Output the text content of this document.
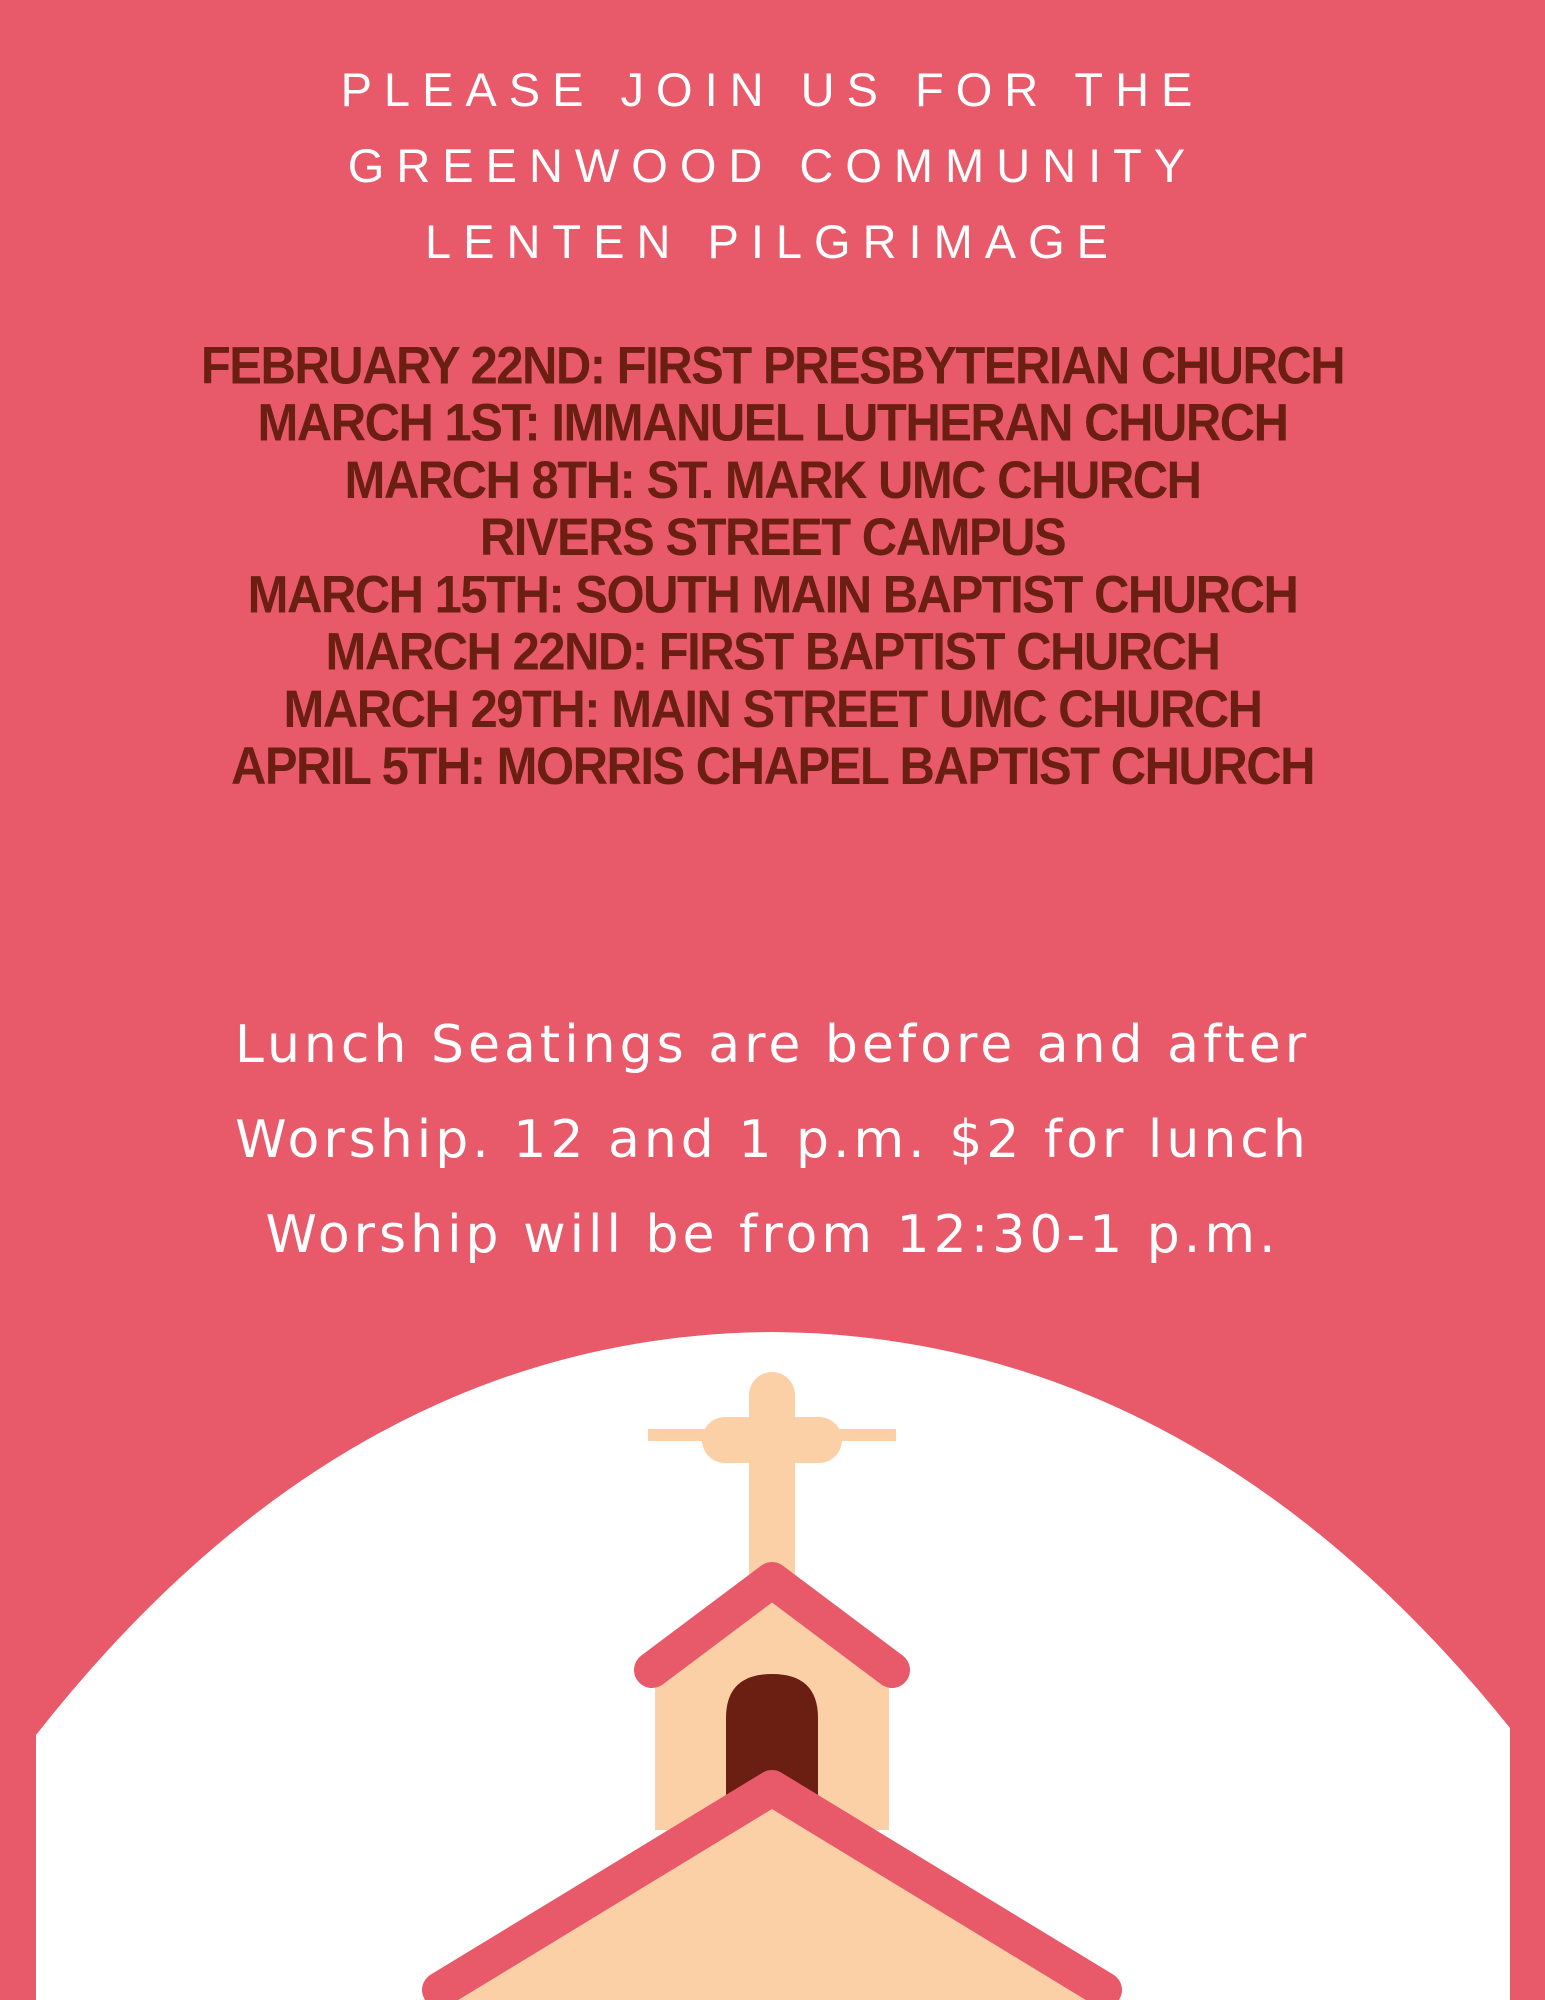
PLEASE JOIN US FOR THE
GREENWOOD COMMUNITY
LENTEN PILGRIMAGE
FEBRUARY 22ND: FIRST PRESBYTERIAN CHURCH
MARCH 1ST: IMMANUEL LUTHERAN CHURCH
MARCH 8TH: ST. MARK UMC CHURCH
RIVERS STREET CAMPUS
MARCH 15TH: SOUTH MAIN BAPTIST CHURCH
MARCH 22ND: FIRST BAPTIST CHURCH
MARCH 29TH: MAIN STREET UMC CHURCH
APRIL 5TH: MORRIS CHAPEL BAPTIST CHURCH
Lunch Seatings are before and after
Worship. 12 and 1 p.m. $2 for lunch
Worship will be from 12:30-1 p.m.
